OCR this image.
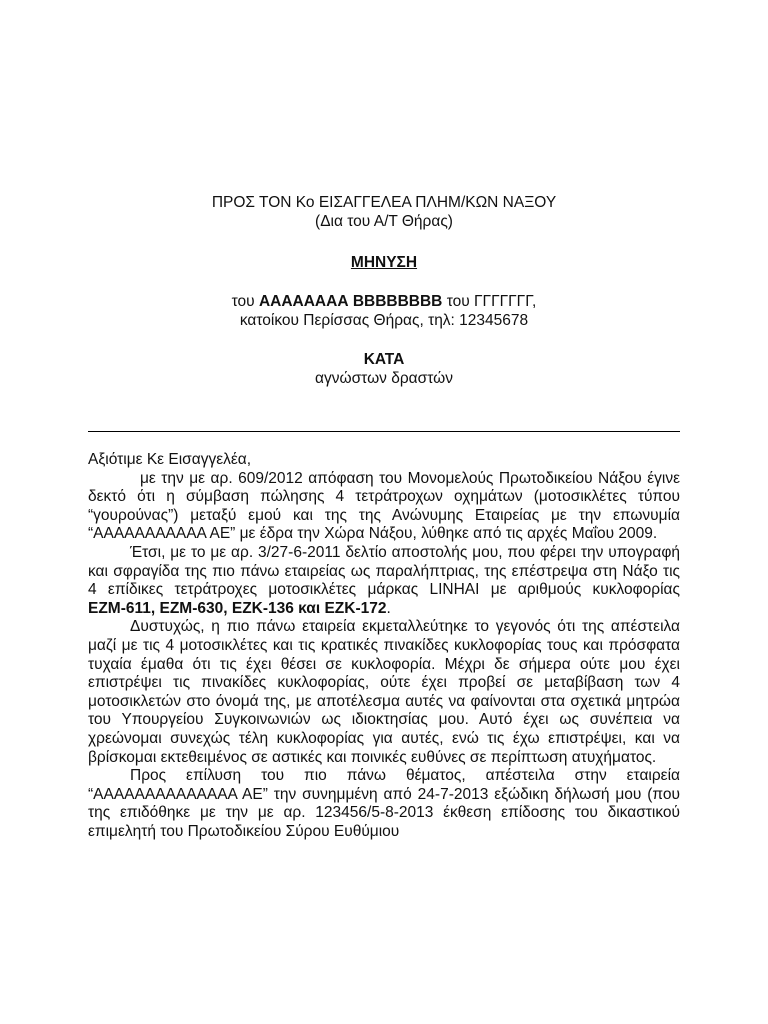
ΠΡΟΣ ΤΟΝ Κο ΕΙΣΑΓΓΕΛΕΑ ΠΛΗΜ/ΚΩΝ ΝΑΞΟΥ

(Δια του Α/Τ Θήρας)

ΜΗΝΥΣΗ

του ΑΑΑΑΑΑΑΑ ΒΒΒΒΒΒΒΒ του ΓΓΓΓΓΓΓ,

κατοίκου Περίσσας Θήρας, τηλ: 12345678

ΚΑΤΑ

αγνώστων δραστών

Αξιότιμε Κε Εισαγγελέα,

με την με αρ. 609/2012 απόφαση του Μονομελούς Πρωτοδικείου Νάξου έγινε δεκτό ότι η σύμβαση πώλησης 4 τετράτροχων οχημάτων (μοτοσικλέτες τύπου “γουρούνας”) μεταξύ εμού και της της Ανώνυμης Εταιρείας με την επωνυμία “ΑΑΑΑΑΑΑΑΑΑΑ ΑΕ” με έδρα την Χώρα Νάξου, λύθηκε από τις αρχές Μαΐου 2009.

Έτσι, με το με αρ. 3/27-6-2011 δελτίο αποστολής μου, που φέρει την υπογραφή και σφραγίδα της πιο πάνω εταιρείας ως παραλήπτριας, της επέστρεψα στη Νάξο τις 4 επίδικες τετράτροχες μοτοσικλέτες μάρκας LINHAI με αριθμούς κυκλοφορίας ΕΖΜ-611, ΕΖΜ-630, ΕΖΚ-136 και ΕΖΚ-172.

Δυστυχώς, η πιο πάνω εταιρεία εκμεταλλεύτηκε το γεγονός ότι της απέστειλα μαζί με τις 4 μοτοσικλέτες και τις κρατικές πινακίδες κυκλοφορίας τους και πρόσφατα τυχαία έμαθα ότι τις έχει θέσει σε κυκλοφορία. Μέχρι δε σήμερα ούτε μου έχει επιστρέψει τις πινακίδες κυκλοφορίας, ούτε έχει προβεί σε μεταβίβαση των 4 μοτοσικλετών στο όνομά της, με αποτέλεσμα αυτές να φαίνονται στα σχετικά μητρώα του Υπουργείου Συγκοινωνιών ως ιδιοκτησίας μου. Αυτό έχει ως συνέπεια να χρεώνομαι συνεχώς τέλη κυκλοφορίας για αυτές, ενώ τις έχω επιστρέψει, και να βρίσκομαι εκτεθειμένος σε αστικές και ποινικές ευθύνες σε περίπτωση ατυχήματος.

Προς επίλυση του πιο πάνω θέματος, απέστειλα στην εταιρεία “ΑΑΑΑΑΑΑΑΑΑΑΑΑΑ ΑΕ” την συνημμένη από 24-7-2013 εξώδικη δήλωσή μου (που της επιδόθηκε με την με αρ. 123456/5-8-2013 έκθεση επίδοσης του δικαστικού επιμελητή του Πρωτοδικείου Σύρου Ευθύμιου
